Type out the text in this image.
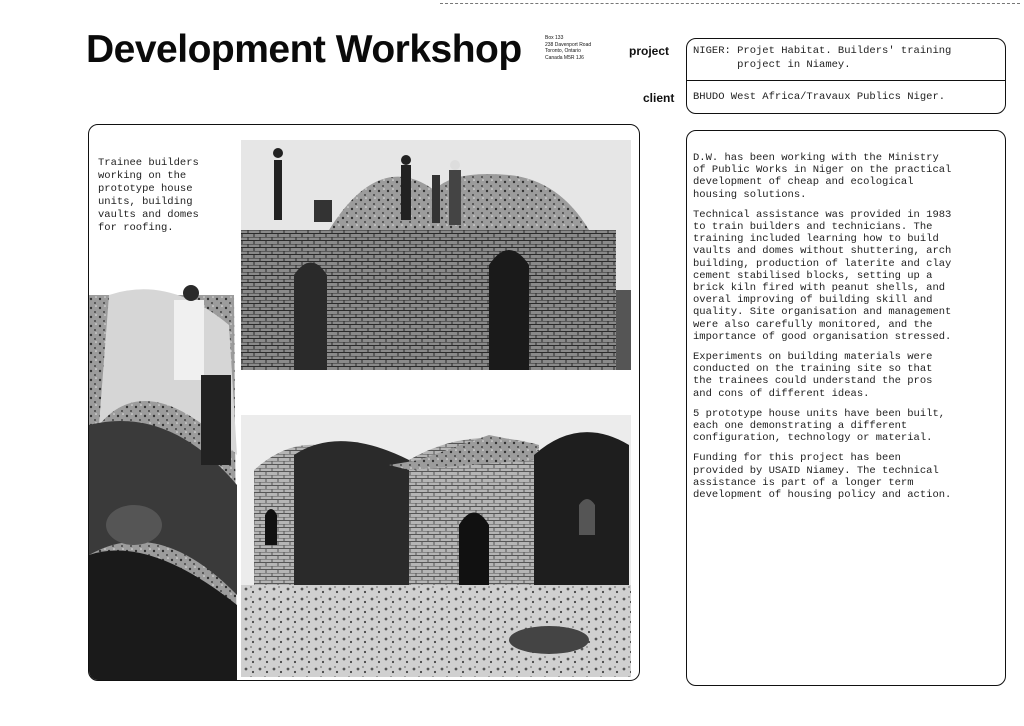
Development Workshop	Box 133
238 Davenport Road
Toronto, Ontario
Canada M5R 1J6	project
client
NIGER: Projet Habitat. Builders' training
project in Niamey.
BHUDO West Africa/Travaux Publics Niger.
Trainee builders
working on the
prototype house
units, building
vaults and domes
for roofing.

D.W. has been working with the Ministry
of Public Works in Niger on the practical
development of cheap and ecological
housing solutions.

Technical assistance was provided in 1983
to train builders and technicians. The
training included learning how to build
vaults and domes without shuttering, arch
building, production of laterite and clay
cement stabilised blocks, setting up a
brick kiln fired with peanut shells, and
overal improving of building skill and
quality. Site organisation and management
were also carefully monitored, and the
importance of good organisation stressed.

Experiments on building materials were
conducted on the training site so that
the trainees could understand the pros
and cons of different ideas.

5 prototype house units have been built,
each one demonstrating a different
configuration, technology or material.

Funding for this project has been
provided by USAID Niamey. The technical
assistance is part of a longer term
development of housing policy and action.
